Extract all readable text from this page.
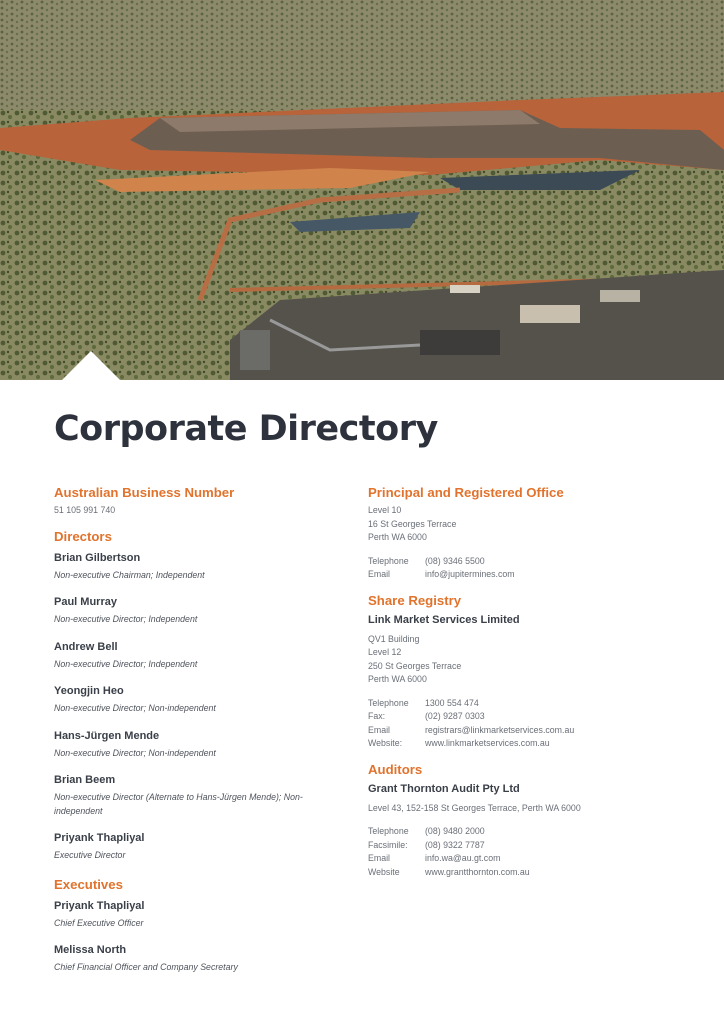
Corporate Directory

Australian Business Number

51 105 991 740

Directors

Brian Gilbertson
Non-executive Chairman; Independent
Paul Murray
Non-executive Director; Independent
Andrew Bell
Non-executive Director; Independent
Yeongjin Heo
Non-executive Director; Non-independent
Hans-Jürgen Mende
Non-executive Director; Non-independent
Brian Beem
Non-executive Director (Alternate to Hans-Jürgen Mende); Non-independent
Priyank Thapliyal
Executive Director

Executives

Priyank Thapliyal
Chief Executive Officer
Melissa North
Chief Financial Officer and Company Secretary

Principal and Registered Office

Level 10
16 St Georges Terrace
Perth WA 6000
Telephone	(08) 9346 5500
Email	info@jupitermines.com

Share Registry

Link Market Services Limited
QV1 Building
Level 12
250 St Georges Terrace
Perth WA 6000
Telephone	1300 554 474
Fax:	(02) 9287 0303
Email	registrars@linkmarketservices.com.au
Website:	www.linkmarketservices.com.au

Auditors

Grant Thornton Audit Pty Ltd
Level 43, 152-158 St Georges Terrace, Perth WA 6000
Telephone	(08) 9480 2000
Facsimile:	(08) 9322 7787
Email	info.wa@au.gt.com
Website	www.grantthornton.com.au
